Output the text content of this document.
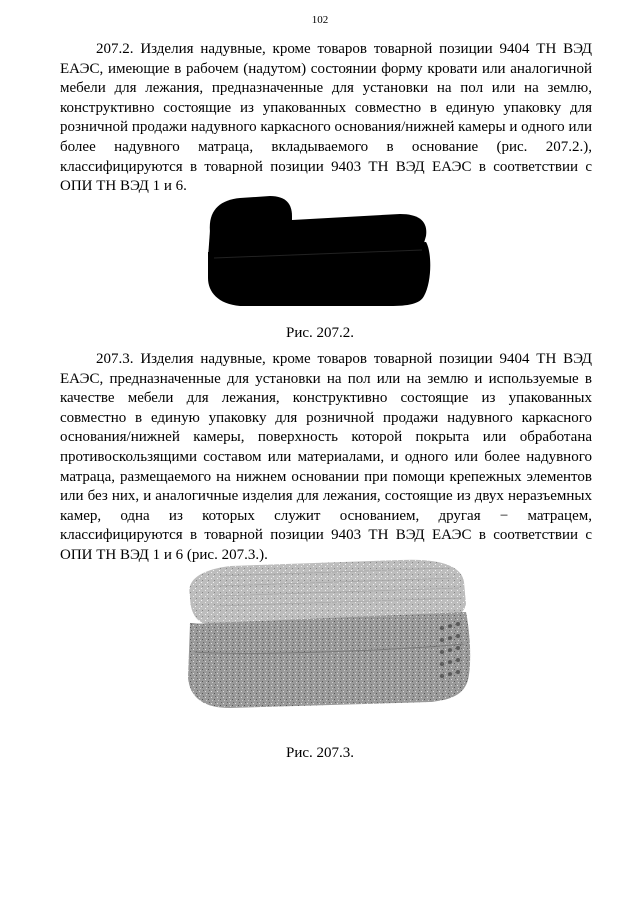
102

207.2. Изделия надувные, кроме товаров товарной позиции 9404 ТН ВЭД ЕАЭС, имеющие в рабочем (надутом) состоянии форму кровати или аналогичной мебели для лежания, предназначенные для установки на пол или на землю, конструктивно состоящие из упакованных совместно в единую упаковку для розничной продажи надувного каркасного основания/нижней камеры и одного или более надувного матраца, вкладываемого в основание (рис. 207.2.), классифицируются в товарной позиции 9403 ТН ВЭД ЕАЭС в соответствии с ОПИ ТН ВЭД 1 и 6.

Рис. 207.2.

207.3. Изделия надувные, кроме товаров товарной позиции 9404 ТН ВЭД ЕАЭС, предназначенные для установки на пол или на землю и используемые в качестве мебели для лежания, конструктивно состоящие из упакованных совместно в единую упаковку для розничной продажи надувного каркасного основания/нижней камеры, поверхность которой покрыта или обработана противоскользящими составом или материалами, и одного или более надувного матраца, размещаемого на нижнем основании при помощи крепежных элементов или без них, и аналогичные изделия для лежания, состоящие из двух неразъемных камер, одна из которых служит основанием, другая − матрацем, классифицируются в товарной позиции 9403 ТН ВЭД ЕАЭС в соответствии с ОПИ ТН ВЭД 1 и 6 (рис. 207.3.).

Рис. 207.3.
